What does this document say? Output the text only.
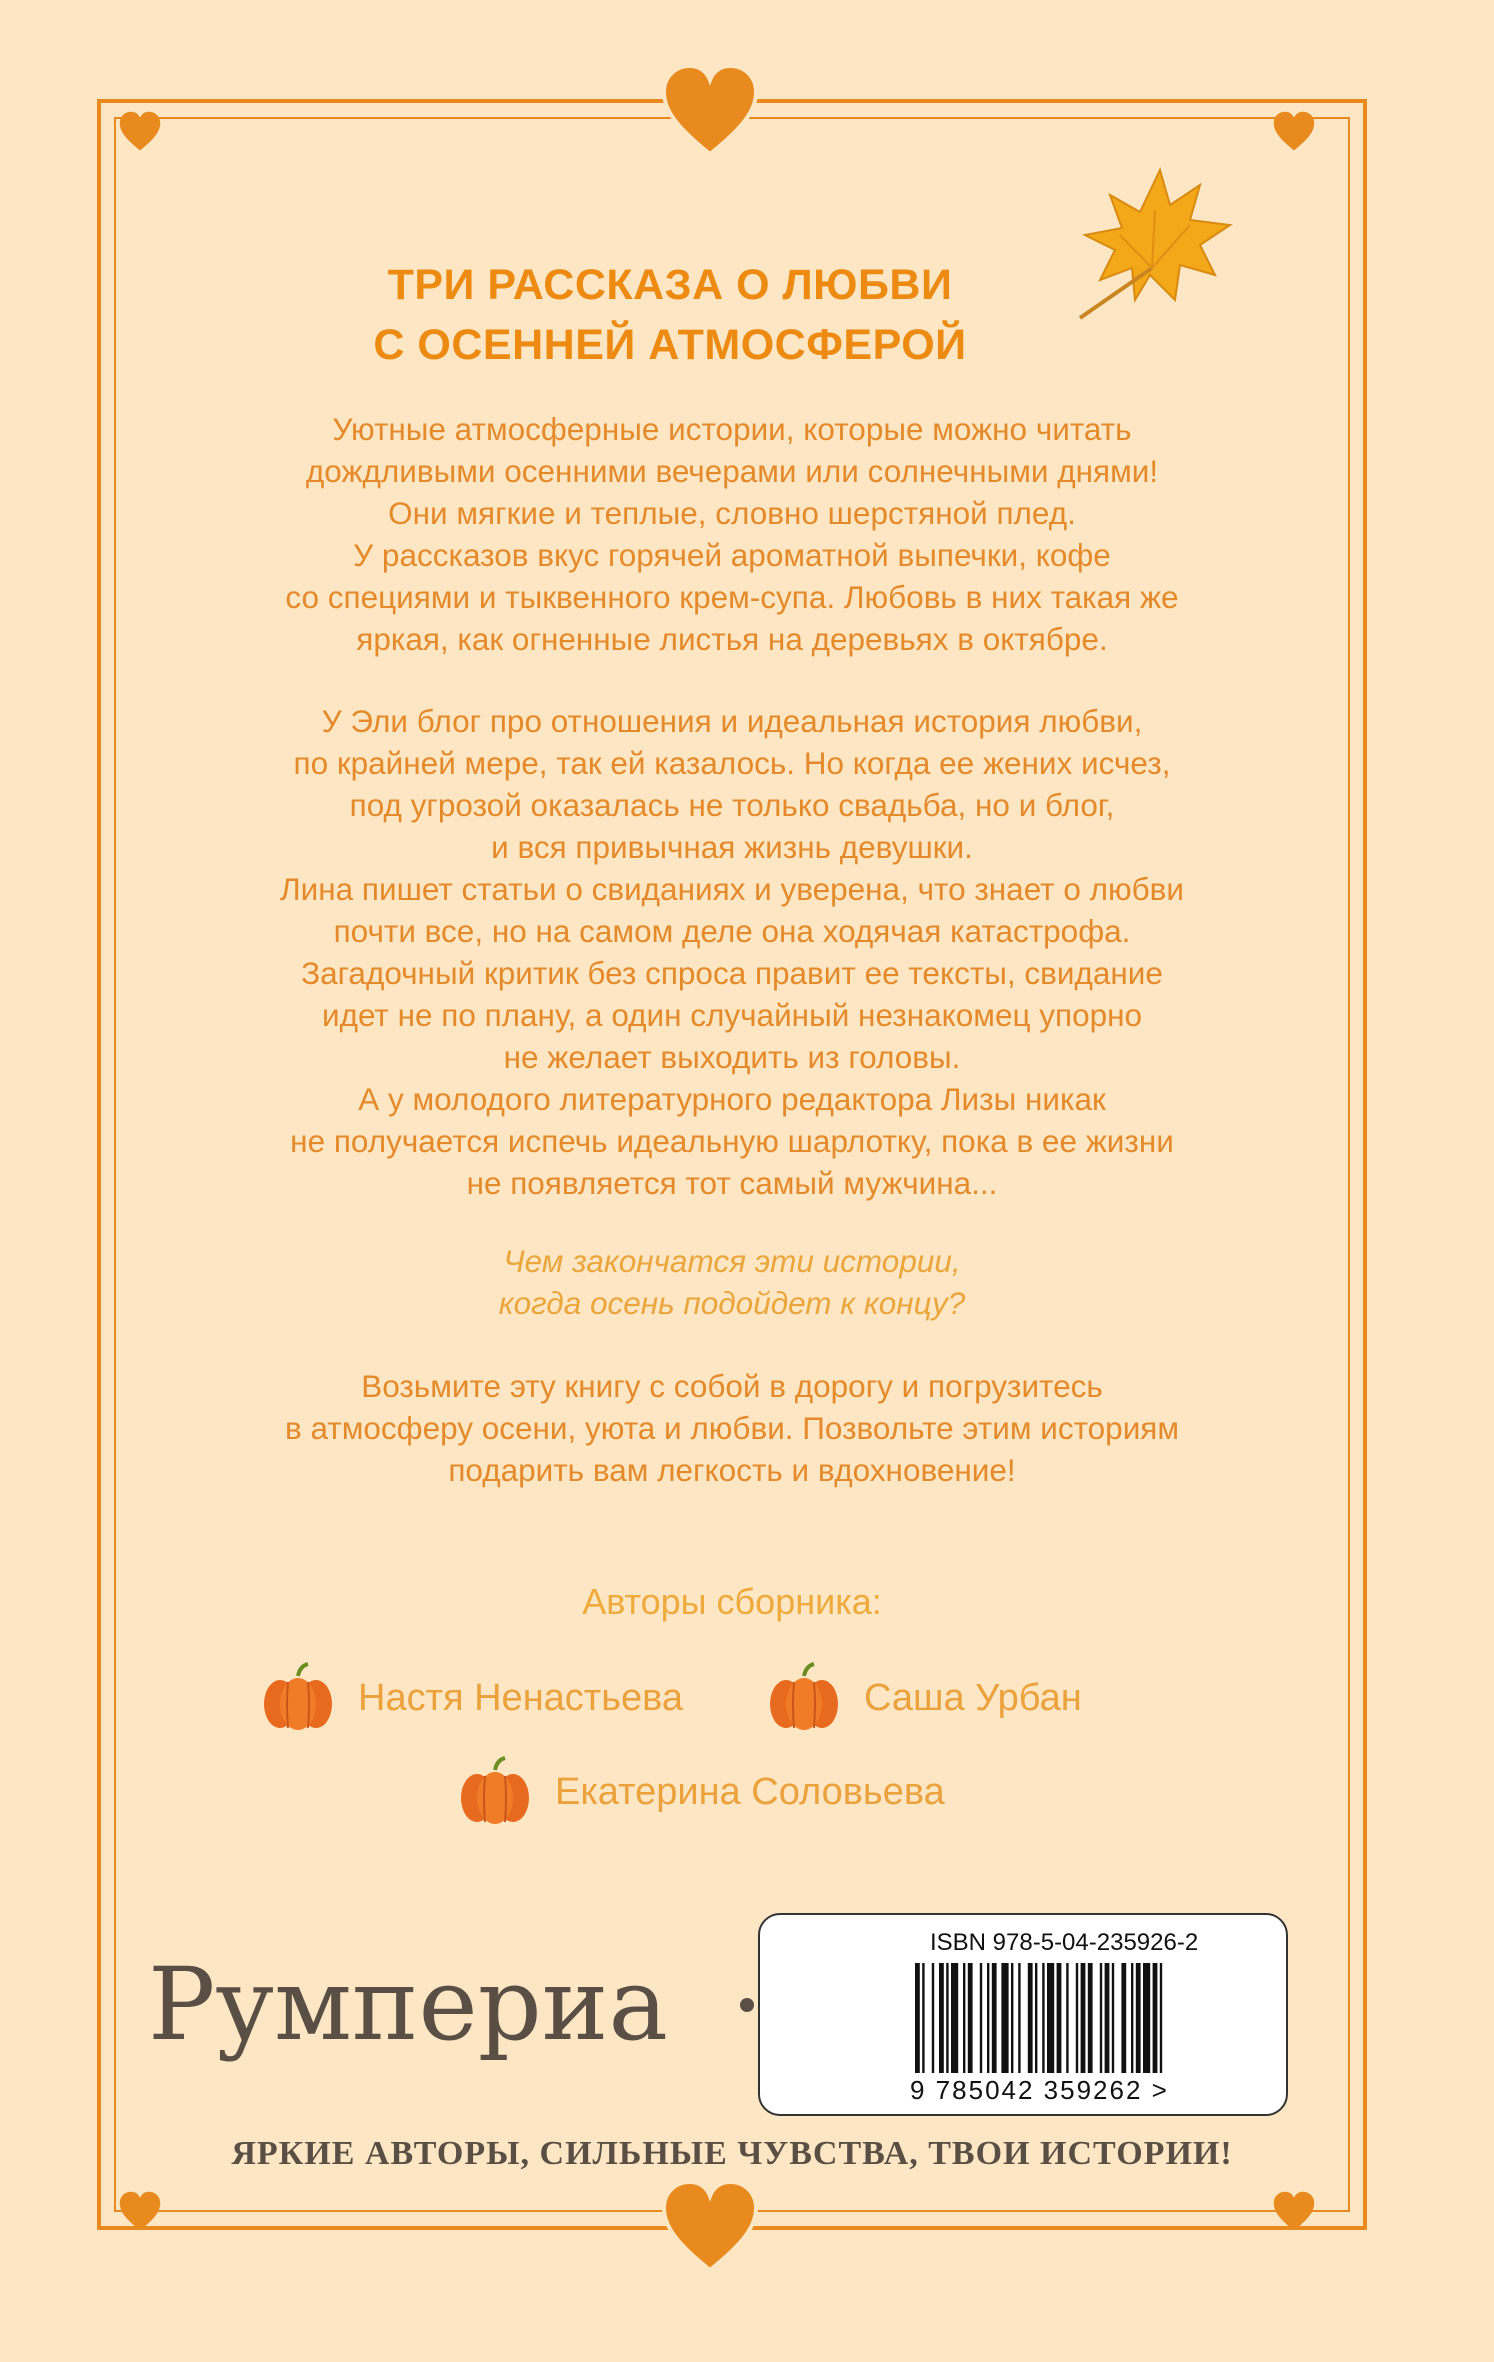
ТРИ РАССКАЗА О ЛЮБВИ
С ОСЕННЕЙ АТМОСФЕРОЙ
Уютные атмосферные истории, которые можно читать
дождливыми осенними вечерами или солнечными днями!
Они мягкие и теплые, словно шерстяной плед.
У рассказов вкус горячей ароматной выпечки, кофе
со специями и тыквенного крем-супа. Любовь в них такая же
яркая, как огненные листья на деревьях в октябре.
У Эли блог про отношения и идеальная история любви,
по крайней мере, так ей казалось. Но когда ее жених исчез,
под угрозой оказалась не только свадьба, но и блог,
и вся привычная жизнь девушки.
Лина пишет статьи о свиданиях и уверена, что знает о любви
почти все, но на самом деле она ходячая катастрофа.
Загадочный критик без спроса правит ее тексты, свидание
идет не по плану, а один случайный незнакомец упорно
не желает выходить из головы.
А у молодого литературного редактора Лизы никак
не получается испечь идеальную шарлотку, пока в ее жизни
не появляется тот самый мужчина...
Чем закончатся эти истории,
когда осень подойдет к концу?
Возьмите эту книгу с собой в дорогу и погрузитесь
в атмосферу осени, уюта и любви. Позвольте этим историям
подарить вам легкость и вдохновение!
Авторы сборника:
Настя Ненастьева	Саша Урбан
Екатерина Соловьева
Румпериа
ISBN 978-5-04-235926-2
9 785042 359262 >
ЯРКИЕ АВТОРЫ, СИЛЬНЫЕ ЧУВСТВА, ТВОИ ИСТОРИИ!
